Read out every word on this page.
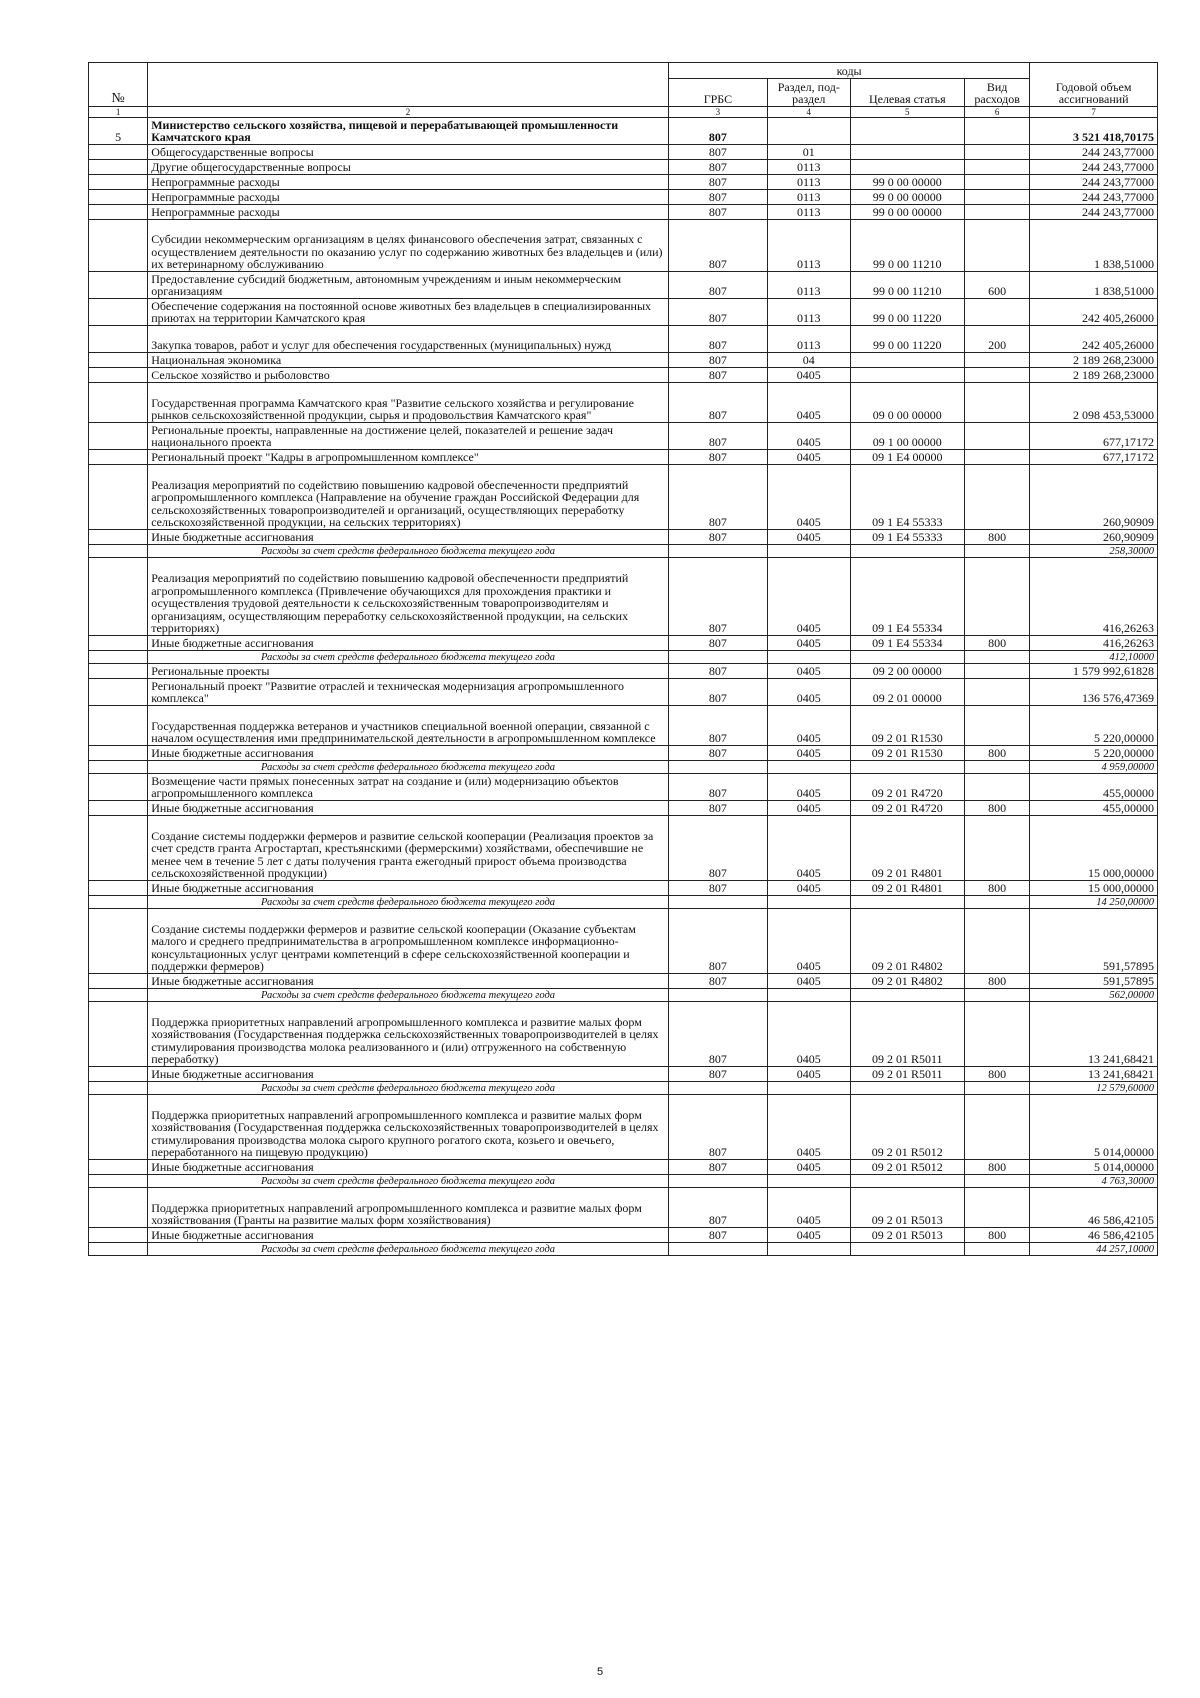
№		коды				Годовой объем ассигнований
		ГРБС	Раздел, под-раздел	Целевая статья	Вид расходов	
1	2	3	4	5	6	7
5	Министерство сельского хозяйства, пищевой и перерабатывающей промышленности Камчатского края	807				3 521 418,70175
	Общегосударственные вопросы	807	01			244 243,77000
	Другие общегосударственные вопросы	807	0113			244 243,77000
	Непрограммные расходы	807	0113	99 0 00 00000		244 243,77000
	Непрограммные расходы	807	0113	99 0 00 00000		244 243,77000
	Непрограммные расходы	807	0113	99 0 00 00000		244 243,77000
	Субсидии некоммерческим организациям в целях финансового обеспечения затрат, связанных с осуществлением деятельности по оказанию услуг по содержанию животных без владельцев и (или) их ветеринарному обслуживанию	807	0113	99 0 00 11210		1 838,51000
	Предоставление субсидий бюджетным, автономным учреждениям и иным некоммерческим организациям	807	0113	99 0 00 11210	600	1 838,51000
	Обеспечение содержания на постоянной основе животных без владельцев в специализированных приютах на территории Камчатского края	807	0113	99 0 00 11220		242 405,26000
	Закупка товаров, работ и услуг для обеспечения государственных (муниципальных) нужд	807	0113	99 0 00 11220	200	242 405,26000
	Национальная экономика	807	04			2 189 268,23000
	Сельское хозяйство и рыболовство	807	0405			2 189 268,23000
	Государственная программа Камчатского края "Развитие сельского хозяйства и регулирование рынков сельскохозяйственной продукции, сырья и продовольствия Камчатского края"	807	0405	09 0 00 00000		2 098 453,53000
	Региональные проекты, направленные на достижение целей, показателей и решение задач национального проекта	807	0405	09 1 00 00000		677,17172
	Региональный проект "Кадры в агропромышленном комплексе"	807	0405	09 1 E4 00000		677,17172
	Реализация мероприятий по содействию повышению кадровой обеспеченности предприятий агропромышленного комплекса (Направление на обучение граждан Российской Федерации для сельскохозяйственных товаропроизводителей и организаций, осуществляющих переработку сельскохозяйственной продукции, на сельских территориях)	807	0405	09 1 E4 55333		260,90909
	Иные бюджетные ассигнования	807	0405	09 1 E4 55333	800	260,90909
	Расходы за счет средств федерального бюджета текущего года					258,30000
	Реализация мероприятий по содействию повышению кадровой обеспеченности предприятий агропромышленного комплекса (Привлечение обучающихся для прохождения практики и осуществления трудовой деятельности к сельскохозяйственным товаропроизводителям и организациям, осуществляющим переработку сельскохозяйственной продукции, на сельских территориях)	807	0405	09 1 E4 55334		416,26263
	Иные бюджетные ассигнования	807	0405	09 1 E4 55334	800	416,26263
	Расходы за счет средств федерального бюджета текущего года					412,10000
	Региональные проекты	807	0405	09 2 00 00000		1 579 992,61828
	Региональный проект "Развитие отраслей и техническая модернизация агропромышленного комплекса"	807	0405	09 2 01 00000		136 576,47369
	Государственная поддержка ветеранов и участников специальной военной операции, связанной с началом осуществления ими предпринимательской деятельности в агропромышленном комплексе	807	0405	09 2 01 R1530		5 220,00000
	Иные бюджетные ассигнования	807	0405	09 2 01 R1530	800	5 220,00000
	Расходы за счет средств федерального бюджета текущего года					4 959,00000
	Возмещение части прямых понесенных затрат на создание и (или) модернизацию объектов агропромышленного комплекса	807	0405	09 2 01 R4720		455,00000
	Иные бюджетные ассигнования	807	0405	09 2 01 R4720	800	455,00000
	Создание системы поддержки фермеров и развитие сельской кооперации (Реализация проектов за счет средств гранта Агростартап, крестьянскими (фермерскими) хозяйствами, обеспечившие не менее чем в течение 5 лет с даты получения гранта ежегодный прирост объема производства сельскохозяйственной продукции)	807	0405	09 2 01 R4801		15 000,00000
	Иные бюджетные ассигнования	807	0405	09 2 01 R4801	800	15 000,00000
	Расходы за счет средств федерального бюджета текущего года					14 250,00000
	Создание системы поддержки фермеров и развитие сельской кооперации (Оказание субъектам малого и среднего предпринимательства в агропромышленном комплексе информационно-консультационных услуг центрами компетенций в сфере сельскохозяйственной кооперации и поддержки фермеров)	807	0405	09 2 01 R4802		591,57895
	Иные бюджетные ассигнования	807	0405	09 2 01 R4802	800	591,57895
	Расходы за счет средств федерального бюджета текущего года					562,00000
	Поддержка приоритетных направлений агропромышленного комплекса и развитие малых форм хозяйствования (Государственная поддержка сельскохозяйственных товаропроизводителей в целях стимулирования производства молока реализованного и (или) отгруженного на собственную переработку)	807	0405	09 2 01 R5011		13 241,68421
	Иные бюджетные ассигнования	807	0405	09 2 01 R5011	800	13 241,68421
	Расходы за счет средств федерального бюджета текущего года					12 579,60000
	Поддержка приоритетных направлений агропромышленного комплекса и развитие малых форм хозяйствования (Государственная поддержка сельскохозяйственных товаропроизводителей в целях стимулирования производства молока сырого крупного рогатого скота, козьего и овечьего, переработанного на пищевую продукцию)	807	0405	09 2 01 R5012		5 014,00000
	Иные бюджетные ассигнования	807	0405	09 2 01 R5012	800	5 014,00000
	Расходы за счет средств федерального бюджета текущего года					4 763,30000
	Поддержка приоритетных направлений агропромышленного комплекса и развитие малых форм хозяйствования (Гранты на развитие малых форм хозяйствования)	807	0405	09 2 01 R5013		46 586,42105
	Иные бюджетные ассигнования	807	0405	09 2 01 R5013	800	46 586,42105
	Расходы за счет средств федерального бюджета текущего года					44 257,10000
5
